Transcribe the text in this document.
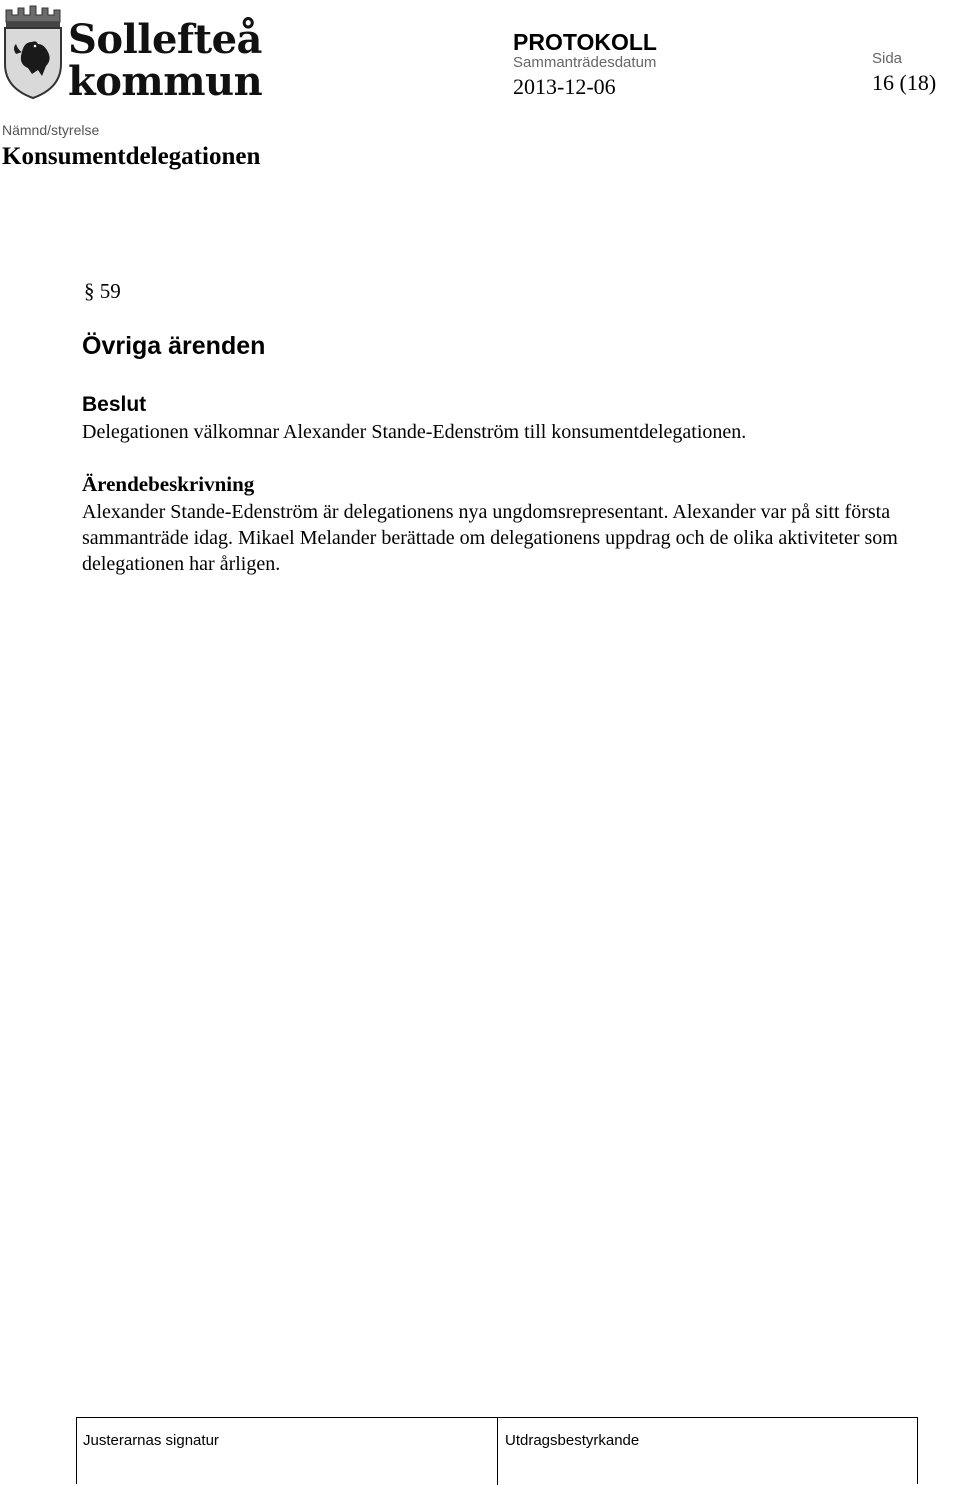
Sollefteå
kommun
PROTOKOLL
Sammanträdesdatum
2013-12-06
Sida
16 (18)
Nämnd/styrelse
Konsumentdelegationen
§ 59
Övriga ärenden
Beslut
Delegationen välkomnar Alexander Stande-Edenström till konsumentdelegationen.
Ärendebeskrivning
Alexander Stande-Edenström är delegationens nya ungdomsrepresentant. Alexander var på sitt första sammanträde idag. Mikael Melander berättade om delegationens uppdrag och de olika aktiviteter som delegationen har årligen.
Justerarnas signatur	Utdragsbestyrkande
